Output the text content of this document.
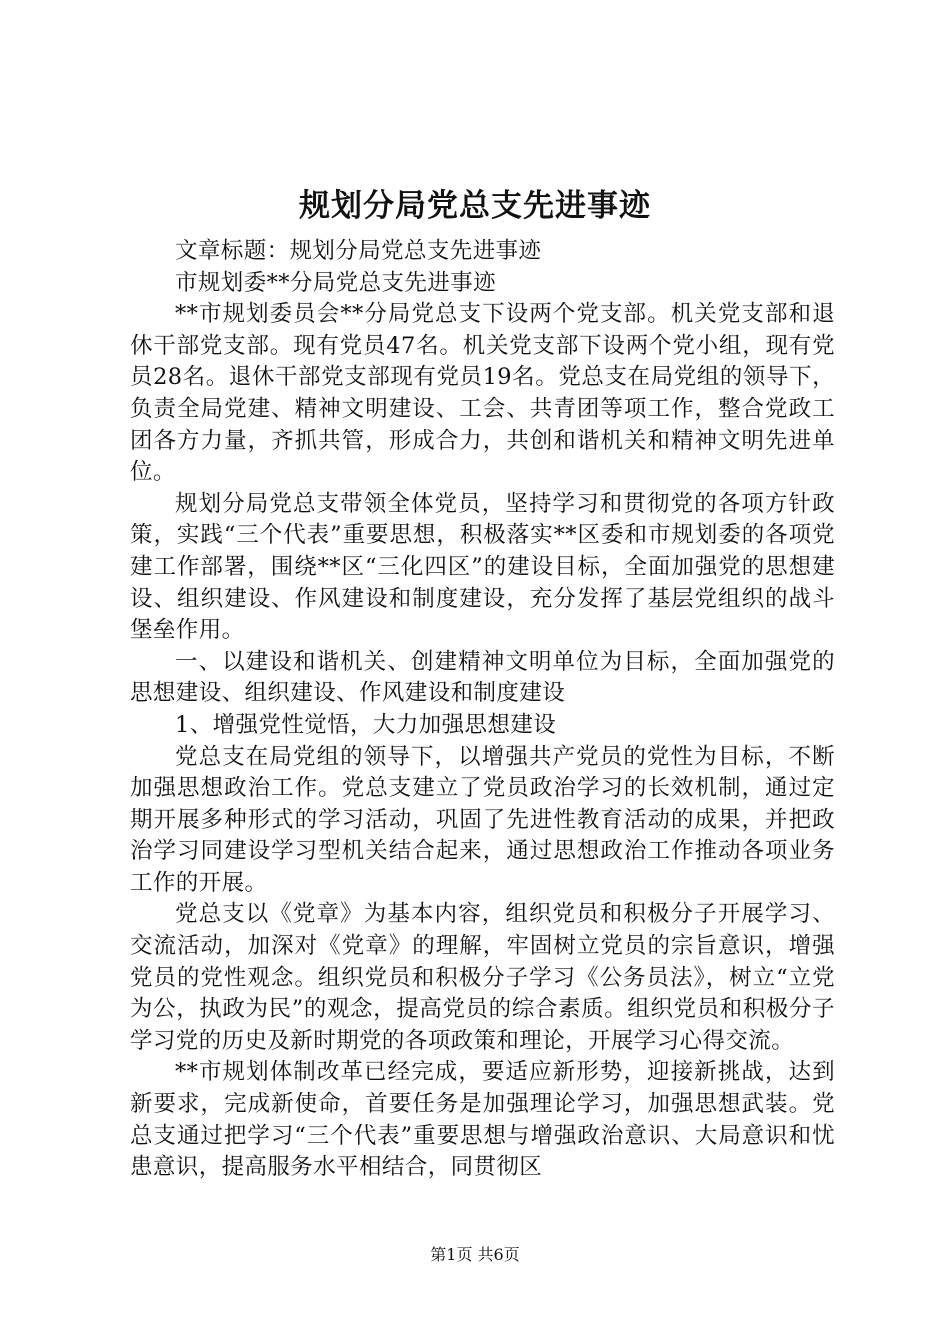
规划分局党总支先进事迹

文章标题：规划分局党总支先进事迹

市规划委**分局党总支先进事迹

**市规划委员会**分局党总支下设两个党支部。机关党支部和退休干部党支部。现有党员47名。机关党支部下设两个党小组，现有党员28名。退休干部党支部现有党员19名。党总支在局党组的领导下，负责全局党建、精神文明建设、工会、共青团等项工作，整合党政工团各方力量，齐抓共管，形成合力，共创和谐机关和精神文明先进单位。

规划分局党总支带领全体党员，坚持学习和贯彻党的各项方针政策，实践“三个代表”重要思想，积极落实**区委和市规划委的各项党建工作部署，围绕**区“三化四区”的建设目标，全面加强党的思想建设、组织建设、作风建设和制度建设，充分发挥了基层党组织的战斗堡垒作用。

一、以建设和谐机关、创建精神文明单位为目标，全面加强党的思想建设、组织建设、作风建设和制度建设

1、增强党性觉悟，大力加强思想建设

党总支在局党组的领导下，以增强共产党员的党性为目标，不断加强思想政治工作。党总支建立了党员政治学习的长效机制，通过定期开展多种形式的学习活动，巩固了先进性教育活动的成果，并把政治学习同建设学习型机关结合起来，通过思想政治工作推动各项业务工作的开展。

党总支以《党章》为基本内容，组织党员和积极分子开展学习、交流活动，加深对《党章》的理解，牢固树立党员的宗旨意识，增强党员的党性观念。组织党员和积极分子学习《公务员法》，树立“立党为公，执政为民”的观念，提高党员的综合素质。组织党员和积极分子学习党的历史及新时期党的各项政策和理论，开展学习心得交流。

**市规划体制改革已经完成，要适应新形势，迎接新挑战，达到新要求，完成新使命，首要任务是加强理论学习，加强思想武装。党总支通过把学习“三个代表”重要思想与增强政治意识、大局意识和忧患意识，提高服务水平相结合，同贯彻区

第1页 共6页
